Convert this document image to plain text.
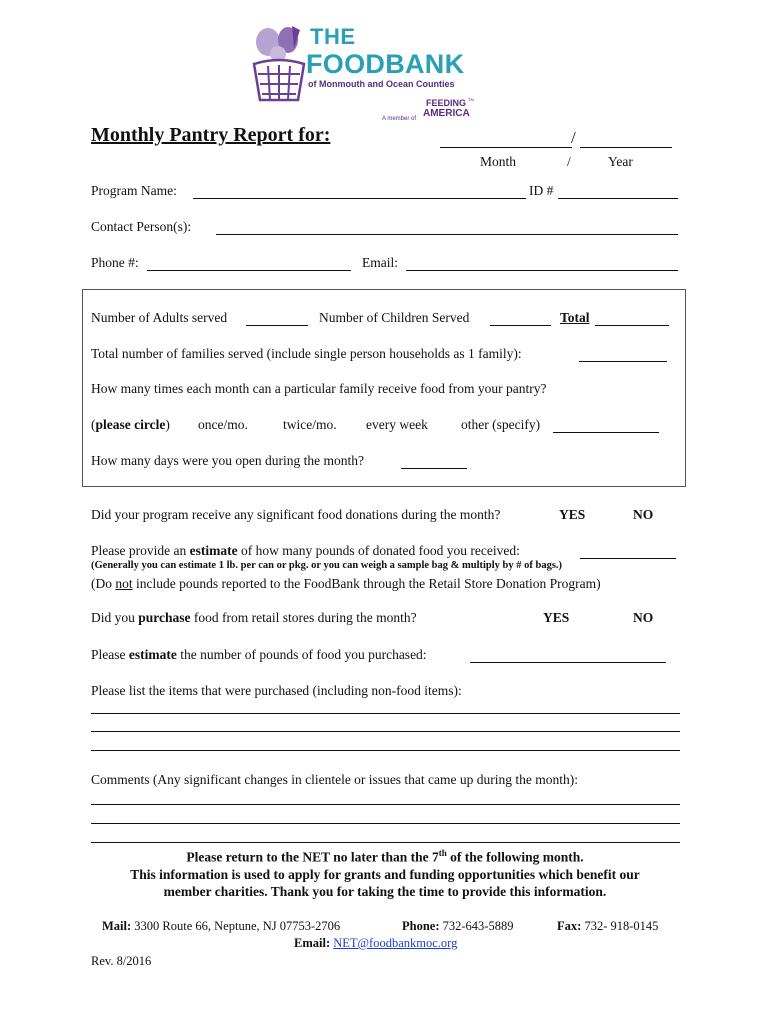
THE
FOODBANK
of Monmouth and Ocean Counties
A member of
FEEDING TM
AMERICA
Monthly Pantry Report for:	/
Month	/	Year
Program Name:	ID #
Contact Person(s):
Phone #:	Email:
Number of Adults served	Number of Children Served	Total
Total number of families served (include single person households as 1 family):
How many times each month can a particular family receive food from your pantry?
(please circle) once/mo.	twice/mo. every week other (specify)
How many days were you open during the month?
Did your program receive any significant food donations during the month?	YES	NO
Please provide an estimate of how many pounds of donated food you received:
(Generally you can estimate 1 lb. per can or pkg. or you can weigh a sample bag & multiply by # of bags.)
(Do not include pounds reported to the FoodBank through the Retail Store Donation Program)
Did you purchase food from retail stores during the month?	YES	NO
Please estimate the number of pounds of food you purchased:
Please list the items that were purchased (including non-food items):
Comments (Any significant changes in clientele or issues that came up during the month):
Please return to the NET no later than the 7th of the following month.
This information is used to apply for grants and funding opportunities which benefit our
member charities. Thank you for taking the time to provide this information.
Mail: 3300 Route 66, Neptune, NJ 07753-2706	Phone: 732-643-5889	Fax: 732- 918-0145
Email: NET@foodbankmoc.org
Rev. 8/2016
